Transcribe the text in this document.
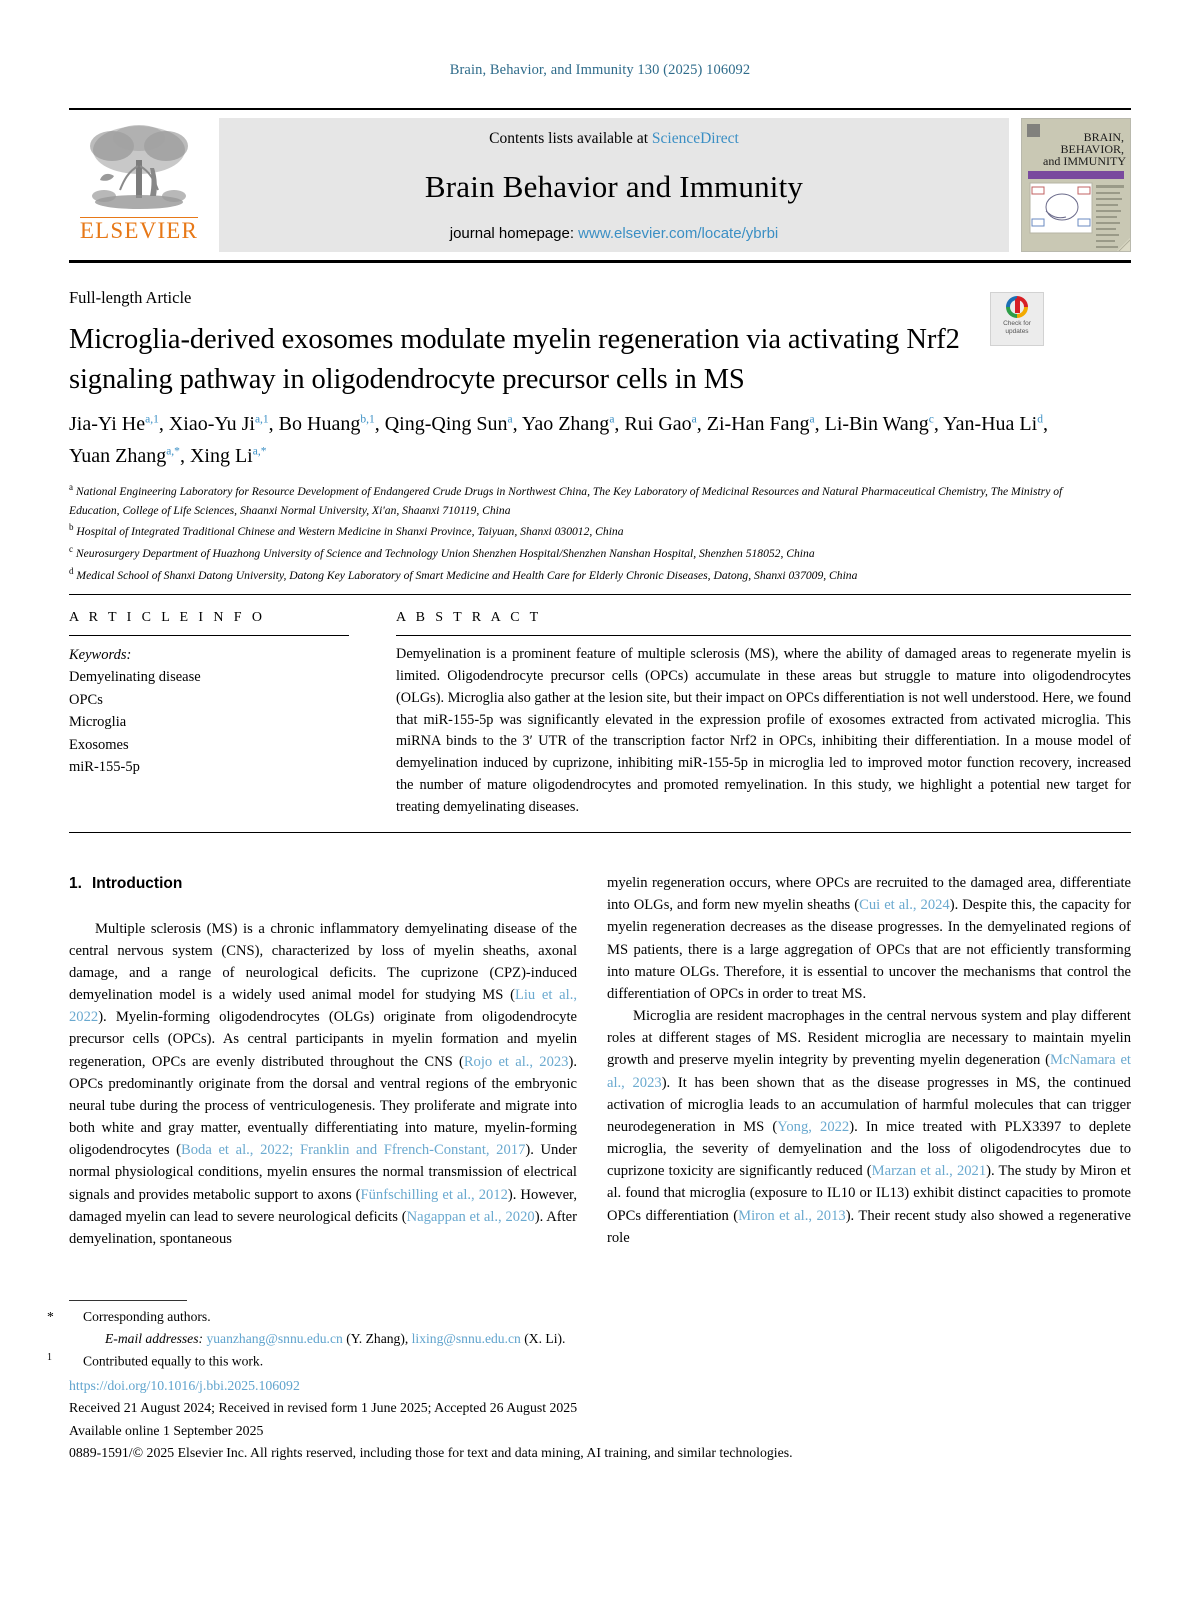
Brain, Behavior, and Immunity 130 (2025) 106092
ELSEVIER
Contents lists available at ScienceDirect
Brain Behavior and Immunity
journal homepage: www.elsevier.com/locate/ybrbi
BRAIN,
BEHAVIOR,
and IMMUNITY
Full-length Article
Check for
updates
Microglia-derived exosomes modulate myelin regeneration via activating Nrf2 signaling pathway in oligodendrocyte precursor cells in MS
Jia-Yi He$^{a,1}$, Xiao-Yu Ji$^{a,1}$, Bo Huang$^{b,1}$, Qing-Qing Sun$^a$, Yao Zhang$^a$, Rui Gao$^a$, Zi-Han Fang$^a$, Li-Bin Wang$^c$, Yan-Hua Li$^d$, Yuan Zhang$^{a,*}$, Xing $Li^{a,*}$

$^a$ National Engineering Laboratory for Resource Development of Endangered Crude Drugs in Northwest China, The Key Laboratory of Medicinal Resources and Natural Pharmaceutical Chemistry, The Ministry of Education, College of Life Sciences, Shaanxi Normal University, Xi'an, Shaanxi 710119, China

$^b$ Hospital of Integrated Traditional Chinese and Western Medicine in Shanxi Province, Taiyuan, Shanxi 030012, China

$^c$ Neurosurgery Department of Huazhong University of Science and Technology Union Shenzhen Hospital/Shenzhen Nanshan Hospital, Shenzhen 518052, China

$^d$ Medical School of Shanxi Datong University, Datong Key Laboratory of Smart Medicine and Health Care for Elderly Chronic Diseases, Datong, Shanxi 037009, China

A R T I C L E I N F O
Keywords:
Demyelinating disease
OPCs
Microglia
Exosomes
miR-155-5p
A B S T R A C T
Demyelination is a prominent feature of multiple sclerosis (MS), where the ability of damaged areas to regenerate myelin is limited. Oligodendrocyte precursor cells (OPCs) accumulate in these areas but struggle to mature into oligodendrocytes (OLGs). Microglia also gather at the lesion site, but their impact on OPCs differentiation is not well understood. Here, we found that miR-155-5p was significantly elevated in the expression profile of exosomes extracted from activated microglia. This miRNA binds to the 3′ UTR of the transcription factor Nrf2 in OPCs, inhibiting their differentiation. In a mouse model of demyelination induced by cuprizone, inhibiting miR-155-5p in microglia led to improved motor function recovery, increased the number of mature oligodendrocytes and promoted remyelination. In this study, we highlight a potential new target for treating demyelinating diseases.
1. Introduction

Multiple sclerosis (MS) is a chronic inflammatory demyelinating disease of the central nervous system (CNS), characterized by loss of myelin sheaths, axonal damage, and a range of neurological deficits. The cuprizone (CPZ)-induced demyelination model is a widely used animal model for studying MS (Liu et al., 2022). Myelin-forming oligodendrocytes (OLGs) originate from oligodendrocyte precursor cells (OPCs). As central participants in myelin formation and myelin regeneration, OPCs are evenly distributed throughout the CNS (Rojo et al., 2023). OPCs predominantly originate from the dorsal and ventral regions of the embryonic neural tube during the process of ventriculogenesis. They proliferate and migrate into both white and gray matter, eventually differentiating into mature, myelin-forming oligodendrocytes (Boda et al., 2022; Franklin and Ffrench-Constant, 2017). Under normal physiological conditions, myelin ensures the normal transmission of electrical signals and provides metabolic support to axons (Fünfschilling et al., 2012). However, damaged myelin can lead to severe neurological deficits (Nagappan et al., 2020). After demyelination, spontaneous

myelin regeneration occurs, where OPCs are recruited to the damaged area, differentiate into OLGs, and form new myelin sheaths (Cui et al., 2024). Despite this, the capacity for myelin regeneration decreases as the disease progresses. In the demyelinated regions of MS patients, there is a large aggregation of OPCs that are not efficiently transforming into mature OLGs. Therefore, it is essential to uncover the mechanisms that control the differentiation of OPCs in order to treat MS.

Microglia are resident macrophages in the central nervous system and play different roles at different stages of MS. Resident microglia are necessary to maintain myelin growth and preserve myelin integrity by preventing myelin degeneration (McNamara et al., 2023). It has been shown that as the disease progresses in MS, the continued activation of microglia leads to an accumulation of harmful molecules that can trigger neurodegeneration in MS (Yong, 2022). In mice treated with PLX3397 to deplete microglia, the severity of demyelination and the loss of oligodendrocytes due to cuprizone toxicity are significantly reduced (Marzan et al., 2021). The study by Miron et al. found that microglia (exposure to IL10 or IL13) exhibit distinct capacities to promote OPCs differentiation (Miron et al., 2013). Their recent study also showed a regenerative role

* Corresponding authors.

E-mail addresses: yuanzhang@snnu.edu.cn (Y. Zhang), lixing@snnu.edu.cn (X. Li).

1 Contributed equally to this work.

https://doi.org/10.1016/j.bbi.2025.106092
Received 21 August 2024; Received in revised form 1 June 2025; Accepted 26 August 2025
Available online 1 September 2025
0889-1591/© 2025 Elsevier Inc. All rights reserved, including those for text and data mining, AI training, and similar technologies.
